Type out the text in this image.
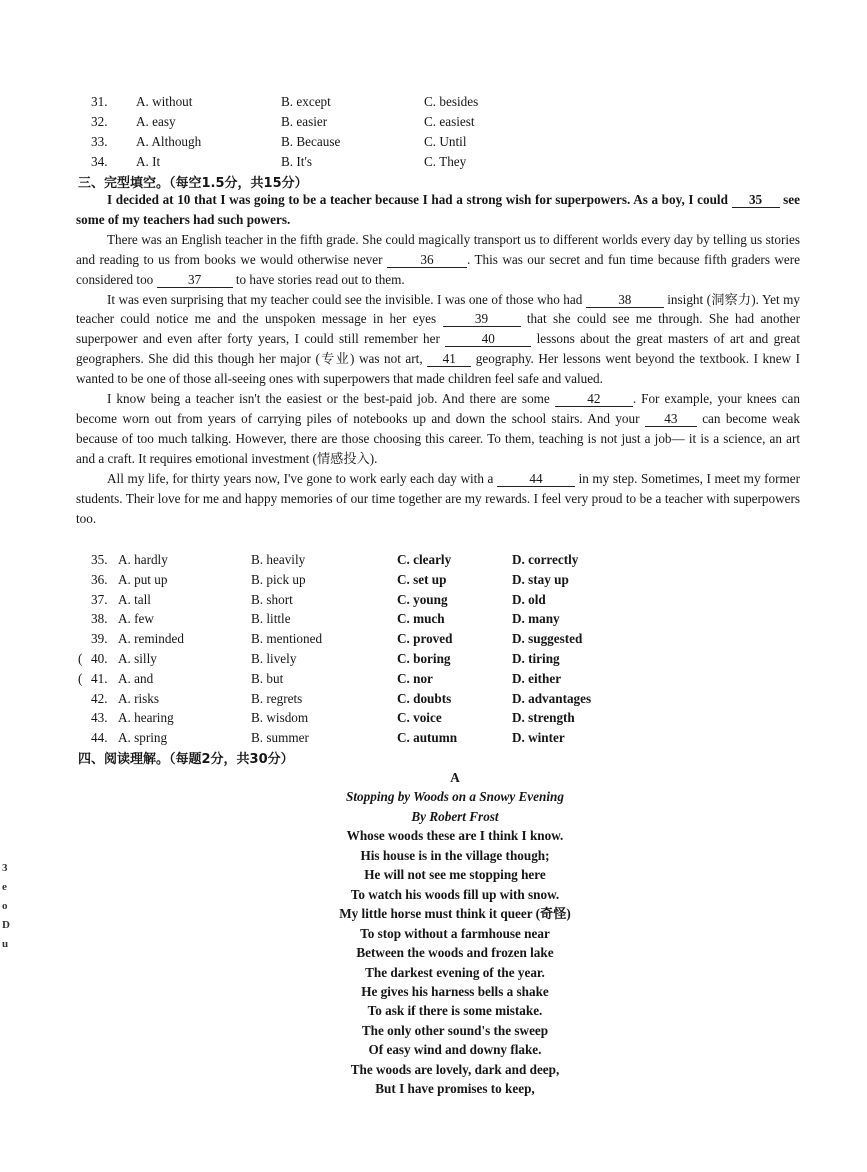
31. A. without	B. except	C. besides
32. A. easy	B. easier	C. easiest
33. A. Although	B. Because	C. Until
34. A. It	B. It's	C. They
三、完型填空。（每空1.5分，共15分）

I decided at 10 that I was going to be a teacher because I had a strong wish for superpowers. As a boy, I could 35 see some of my teachers had such powers.

There was an English teacher in the fifth grade. She could magically transport us to different worlds every day by telling us stories and reading to us from books we would otherwise never	36	. This was our secret and fun time because fifth graders were considered too	37	to have stories read out to them.

It was even surprising that my teacher could see the invisible. I was one of those who had	38	insight (洞察力). Yet my teacher could notice me and the unspoken message in her eyes	39	that she could see me through. She had another superpower and even after forty years, I could still remember her	40	lessons about the great masters of art and great geographers. She did this though her major (专业) was not art, 41 geography. Her lessons went beyond the textbook. I knew I wanted to be one of those all-seeing ones with superpowers that made children feel safe and valued.

I know being a teacher isn't the easiest or the best-paid job. And there are some	42 . For example, your knees can become worn out from years of carrying piles of notebooks up and down the school stairs. And your 43 can become weak because of too much talking. However, there are those choosing this career. To them, teaching is not just a job— it is a science, an art and a craft. It requires emotional investment (情感投入).

All my life, for thirty years now, I've gone to work early each day with a	44	in my step. Sometimes, I meet my former students. Their love for me and happy memories of our time together are my rewards. I feel very proud to be a teacher with superpowers too.

35. A. hardly	B. heavily	C. clearly	D. correctly
36. A. put up	B. pick up	C. set up	D. stay up
37. A. tall	B. short	C. young	D. old
38. A. few	B. little	C. much	D. many
39. A. reminded	B. mentioned	C. proved	D. suggested
( 40. A. silly	B. lively	C. boring	D. tiring
( 41. A. and	B. but	C. nor	D. either
42. A. risks	B. regrets	C. doubts	D. advantages
43. A. hearing	B. wisdom	C. voice	D. strength
44. A. spring	B. summer	C. autumn	D. winter
四、阅读理解。（每题2分，共30分）
A
Stopping by Woods on a Snowy Evening
By Robert Frost
Whose woods these are I think I know.
His house is in the village though;
He will not see me stopping here
To watch his woods fill up with snow.
My little horse must think it queer (奇怪)
To stop without a farmhouse near
Between the woods and frozen lake
The darkest evening of the year.
He gives his harness bells a shake
To ask if there is some mistake.
The only other sound's the sweep
Of easy wind and downy flake.
The woods are lovely, dark and deep,
But I have promises to keep,
3
e
o
D
u
